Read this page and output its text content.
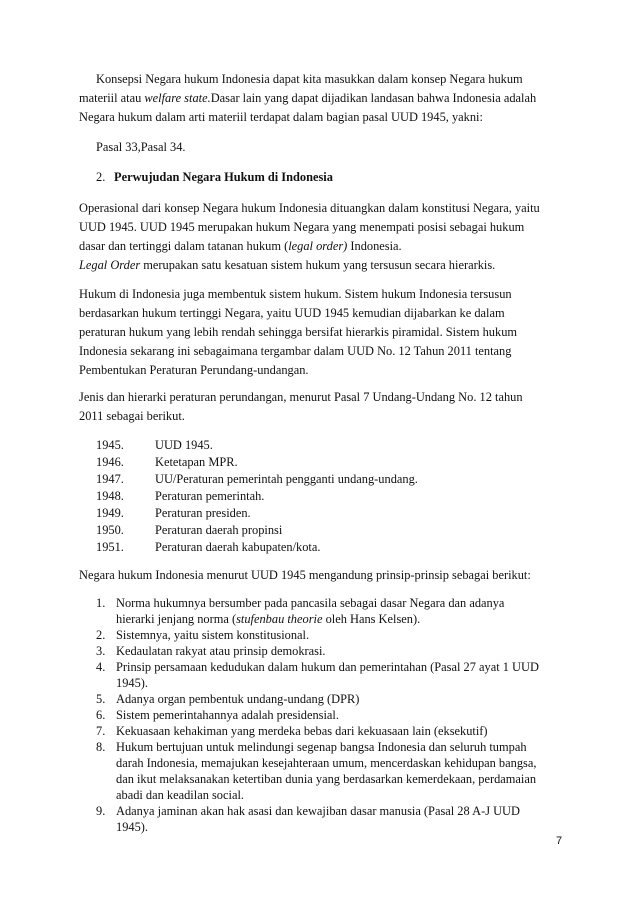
Konsepsi Negara hukum Indonesia dapat kita masukkan dalam konsep Negara hukum
materiil atau welfare state.Dasar lain yang dapat dijadikan landasan bahwa Indonesia adalah
Negara hukum dalam arti materiil terdapat dalam bagian pasal UUD 1945, yakni:
Pasal 33,Pasal 34.
2. Perwujudan Negara Hukum di Indonesia
Operasional dari konsep Negara hukum Indonesia dituangkan dalam konstitusi Negara, yaitu
UUD 1945. UUD 1945 merupakan hukum Negara yang menempati posisi sebagai hukum
dasar dan tertinggi dalam tatanan hukum (legal order) Indonesia.
Legal Order merupakan satu kesatuan sistem hukum yang tersusun secara hierarkis.
Hukum di Indonesia juga membentuk sistem hukum. Sistem hukum Indonesia tersusun
berdasarkan hukum tertinggi Negara, yaitu UUD 1945 kemudian dijabarkan ke dalam
peraturan hukum yang lebih rendah sehingga bersifat hierarkis piramidal. Sistem hukum
Indonesia sekarang ini sebagaimana tergambar dalam UUD No. 12 Tahun 2011 tentang
Pembentukan Peraturan Perundang-undangan.
Jenis dan hierarki peraturan perundangan, menurut Pasal 7 Undang-Undang No. 12 tahun
2011 sebagai berikut.
1945.	UUD 1945.
1946.	Ketetapan MPR.
1947.	UU/Peraturan pemerintah pengganti undang-undang.
1948.	Peraturan pemerintah.
1949.	Peraturan presiden.
1950.	Peraturan daerah propinsi
1951.	Peraturan daerah kabupaten/kota.
Negara hukum Indonesia menurut UUD 1945 mengandung prinsip-prinsip sebagai berikut:
1. Norma hukumnya bersumber pada pancasila sebagai dasar Negara dan adanya
hierarki jenjang norma (stufenbau theorie oleh Hans Kelsen).
2. Sistemnya, yaitu sistem konstitusional.
3. Kedaulatan rakyat atau prinsip demokrasi.
4. Prinsip persamaan kedudukan dalam hukum dan pemerintahan (Pasal 27 ayat 1 UUD
1945).
5. Adanya organ pembentuk undang-undang (DPR)
6. Sistem pemerintahannya adalah presidensial.
7. Kekuasaan kehakiman yang merdeka bebas dari kekuasaan lain (eksekutif)
8. Hukum bertujuan untuk melindungi segenap bangsa Indonesia dan seluruh tumpah
darah Indonesia, memajukan kesejahteraan umum, mencerdaskan kehidupan bangsa,
dan ikut melaksanakan ketertiban dunia yang berdasarkan kemerdekaan, perdamaian
abadi dan keadilan social.
9. Adanya jaminan akan hak asasi dan kewajiban dasar manusia (Pasal 28 A-J UUD
1945).
7
